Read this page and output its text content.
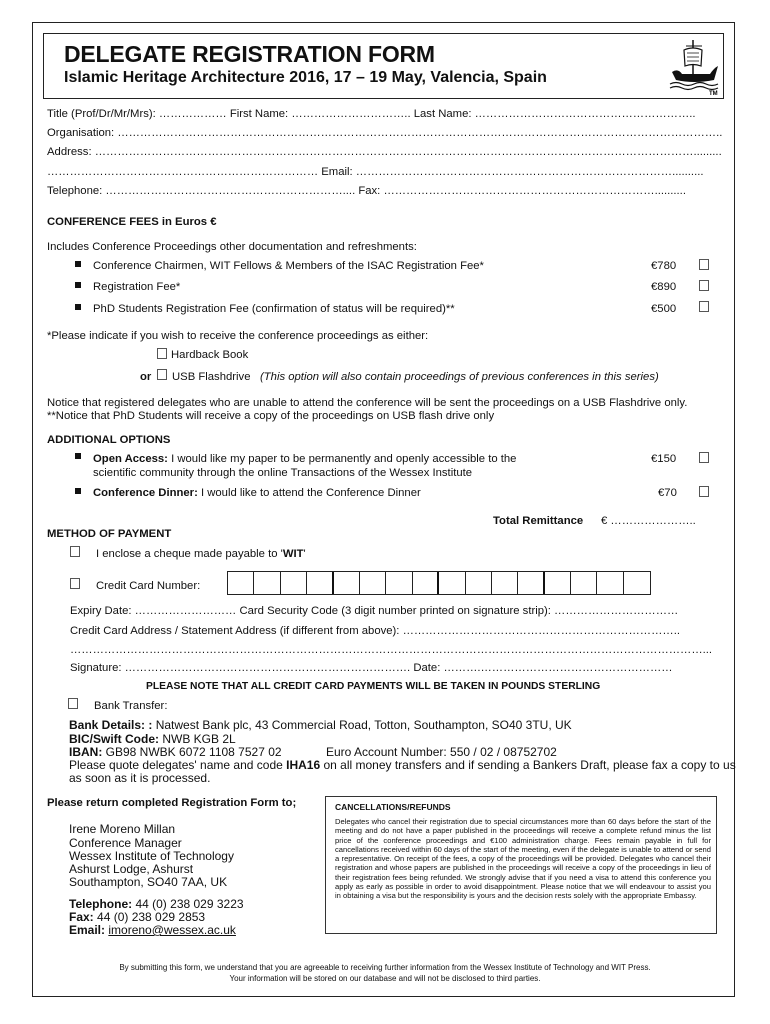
DELEGATE REGISTRATION FORM
Islamic Heritage Architecture 2016, 17 – 19 May, Valencia, Spain
TM
Title (Prof/Dr/Mr/Mrs): ……………… First Name: ………………………….. Last Name: …………………………………………………..
Organisation: ……………………………………………………………………………………………………………………………………………..
Address: …………………………………………………………………………………………………………………………………………….........
……………………………………………………………… Email: …………………………………………………………………………..........
Telephone: ……………………………………………………….... Fax: ………………………………………………………………..........
CONFERENCE FEES in Euros €
Includes Conference Proceedings other documentation and refreshments:
Conference Chairmen, WIT Fellows & Members of the ISAC Registration Fee*	€780
Registration Fee*	€890
PhD Students Registration Fee (confirmation of status will be required)**	€500
*Please indicate if you wish to receive the conference proceedings as either:
Hardback Book
or USB Flashdrive (This option will also contain proceedings of previous conferences in this series)
Notice that registered delegates who are unable to attend the conference will be sent the proceedings on a USB Flashdrive only.
**Notice that PhD Students will receive a copy of the proceedings on USB flash drive only
ADDITIONAL OPTIONS
Open Access: I would like my paper to be permanently and openly accessible to the
scientific community through the online Transactions of the Wessex Institute
€150
Conference Dinner: I would like to attend the Conference Dinner	€70
Total Remittance € …………………..
METHOD OF PAYMENT
I enclose a cheque made payable to 'WIT'
Credit Card Number:
Expiry Date: ……………………… Card Security Code (3 digit number printed on signature strip): ……………………………
Credit Card Address / Statement Address (if different from above): ………………………………………………………………..
……………………………………………………………………………………………………………………………………………………...
Signature: …………………………………………………………………. Date: ……….……………………………………………
PLEASE NOTE THAT ALL CREDIT CARD PAYMENTS WILL BE TAKEN IN POUNDS STERLING
Bank Transfer:
Bank Details: : Natwest Bank plc, 43 Commercial Road, Totton, Southampton, SO40 3TU, UK
BIC/Swift Code: NWB KGB 2L
IBAN: GB98 NWBK 6072 1108 7527 02	Euro Account Number: 550 / 02 / 08752702
Please quote delegates' name and code IHA16 on all money transfers and if sending a Bankers Draft, please fax a copy to us
as soon as it is processed.
Please return completed Registration Form to;
Irene Moreno Millan
Conference Manager
Wessex Institute of Technology
Ashurst Lodge, Ashurst
Southampton, SO40 7AA, UK
Telephone: 44 (0) 238 029 3223
Fax: 44 (0) 238 029 2853
Email: imoreno@wessex.ac.uk
CANCELLATIONS/REFUNDS
Delegates who cancel their registration due to special circumstances more than 60 days before the start of the meeting and do not have a paper published in the proceedings will receive a complete refund minus the list price of the conference proceedings and €100 administration charge. Fees remain payable in full for cancellations received within 60 days of the start of the meeting, even if the delegate is unable to attend or send a representative. On receipt of the fees, a copy of the proceedings will be provided. Delegates who cancel their registration and whose papers are published in the proceedings will receive a copy of the proceedings in lieu of their registration fees being refunded. We strongly advise that if you need a visa to attend this conference you apply as early as possible in order to avoid disappointment. Please notice that we will endeavour to assist you in obtaining a visa but the responsibility is yours and the decision rests solely with the appropriate Embassy.
By submitting this form, we understand that you are agreeable to receiving further information from the Wessex Institute of Technology and WIT Press.
Your information will be stored on our database and will not be disclosed to third parties.
